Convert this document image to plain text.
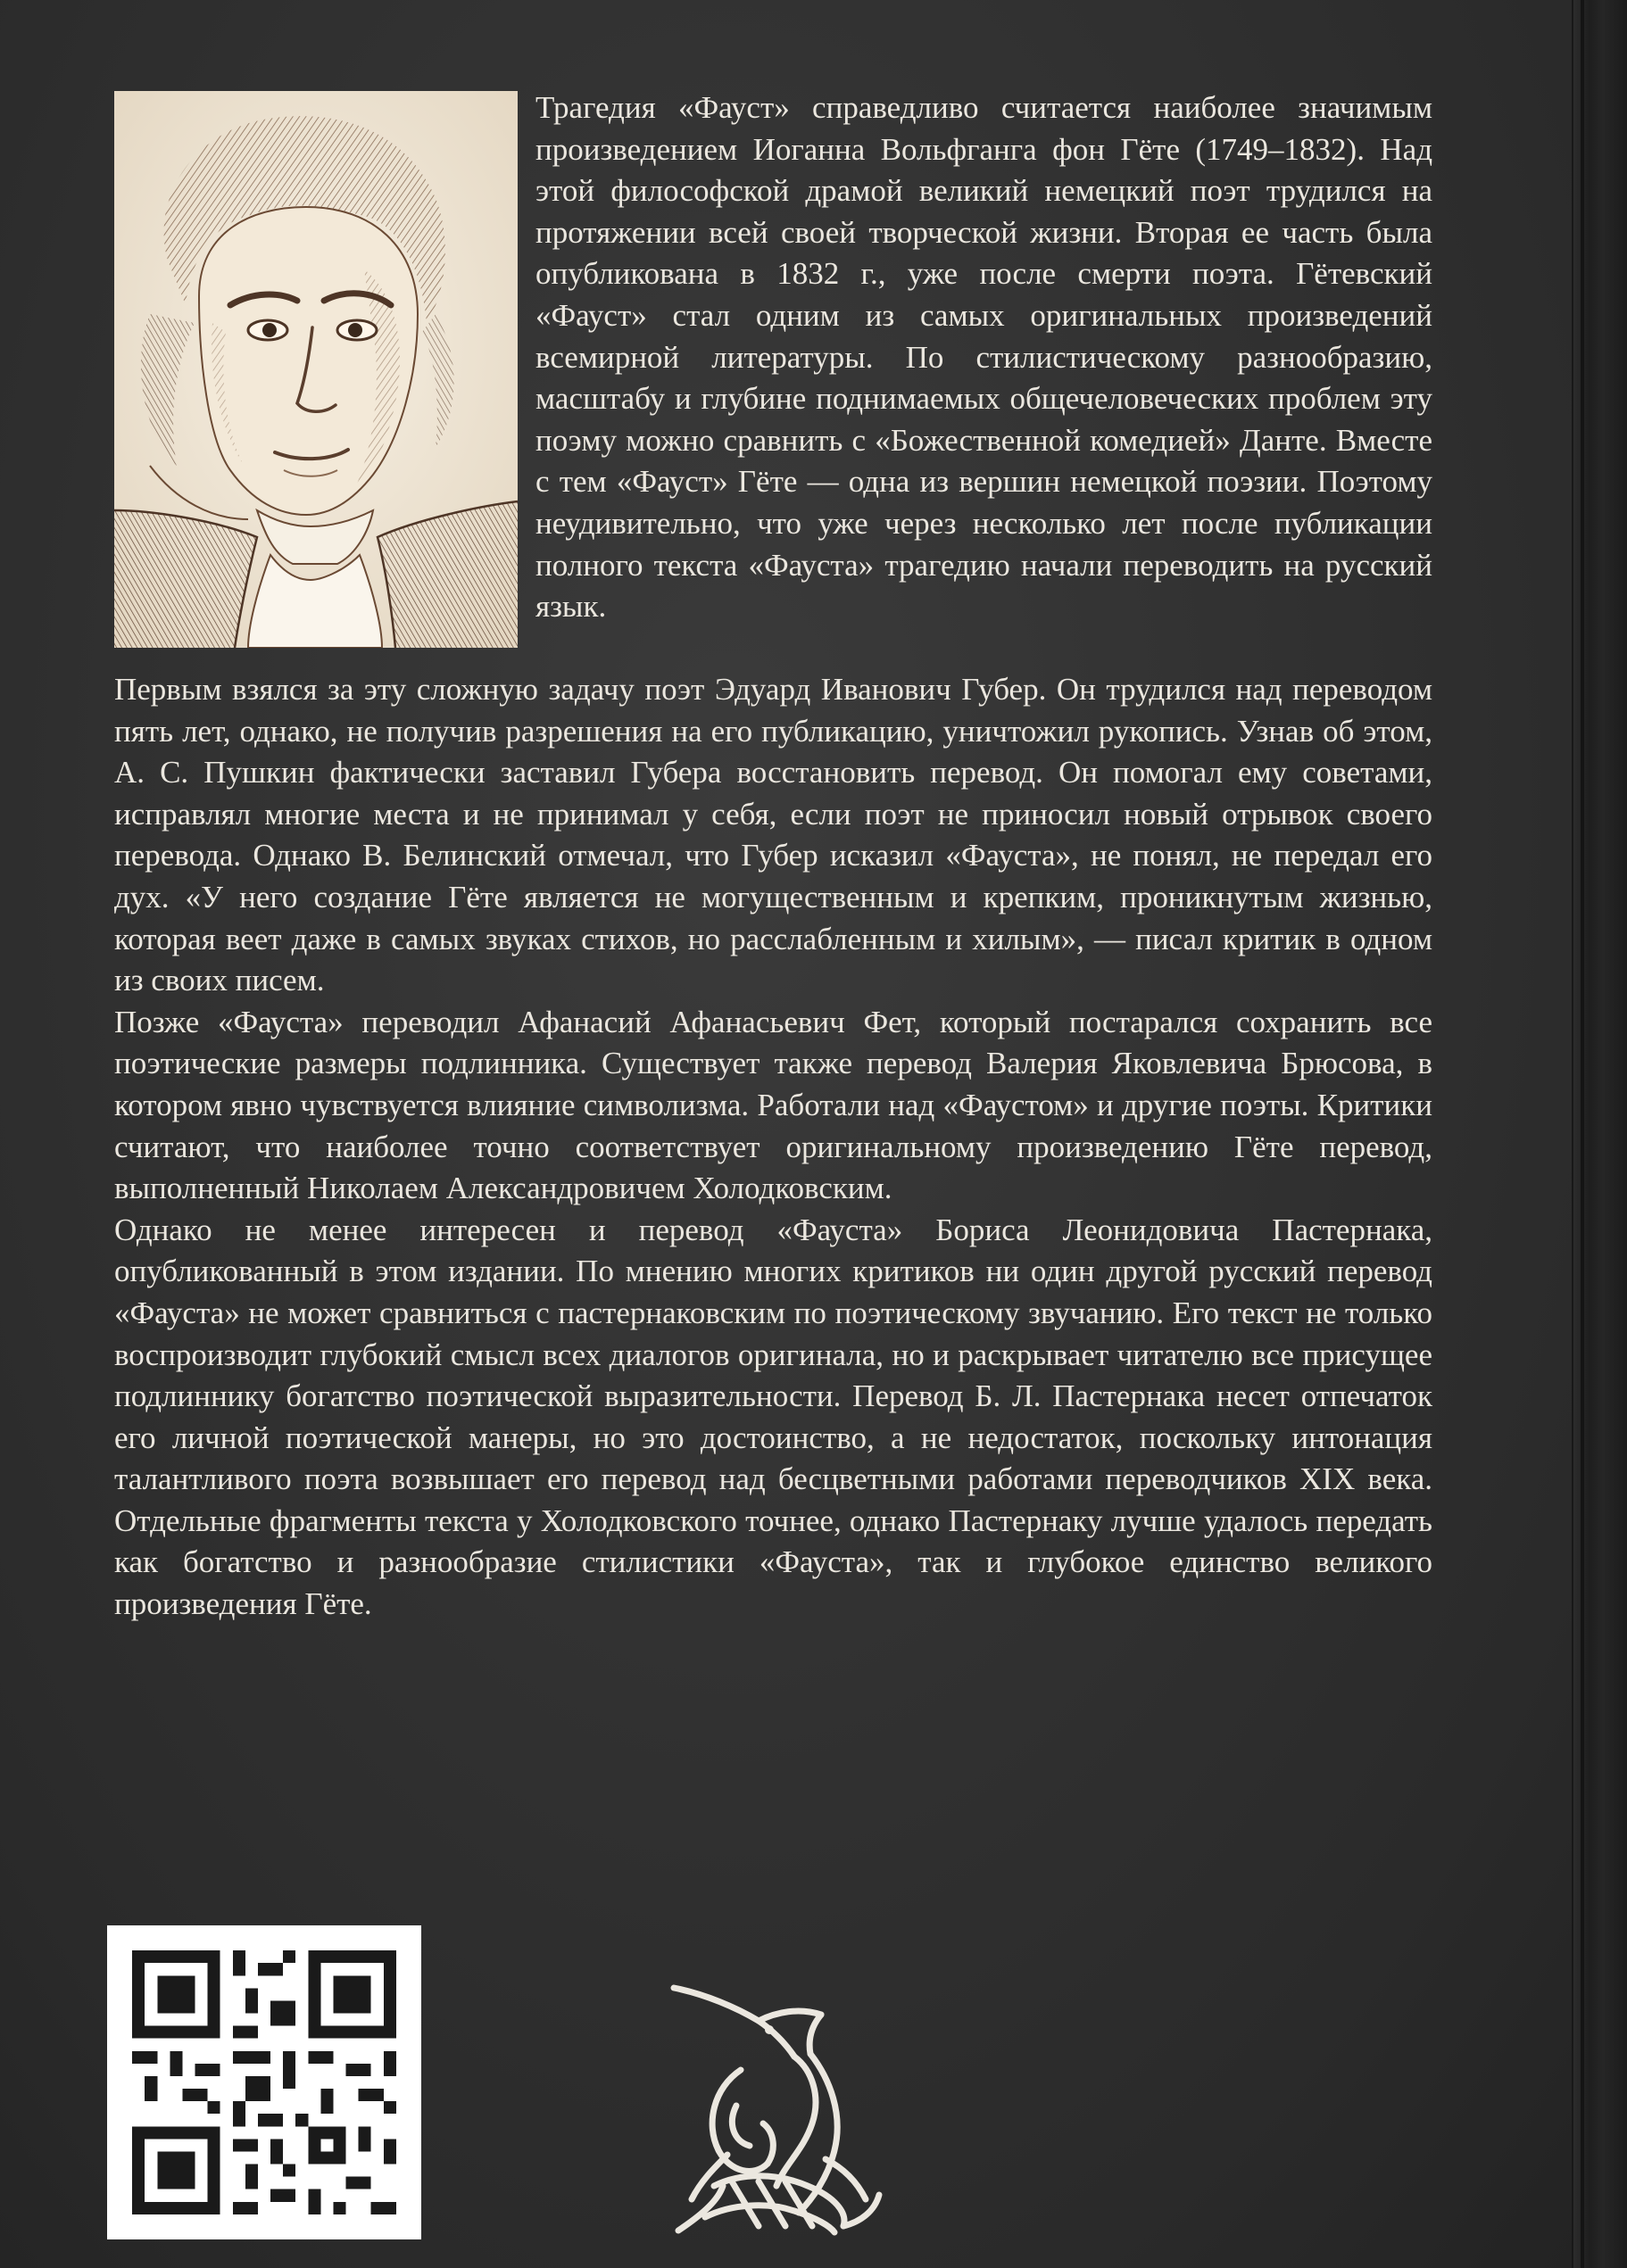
Трагедия «Фауст» справедливо считается наиболее значимым произведением Иоганна Вольфганга фон Гёте (1749–1832). Над этой философской драмой великий немецкий поэт трудился на протяжении всей своей творческой жизни. Вторая ее часть была опубликована в 1832 г., уже после смерти поэта. Гётевский «Фауст» стал одним из самых оригинальных произведений всемирной литературы. По стилистическому разнообразию, масштабу и глубине поднимаемых общечеловеческих проблем эту поэму можно сравнить с «Божественной комедией» Данте. Вместе с тем «Фауст» Гёте — одна из вершин немецкой поэзии. Поэтому неудивительно, что уже через несколько лет после публикации полного текста «Фауста» трагедию начали переводить на русский язык.

Первым взялся за эту сложную задачу поэт Эдуард Иванович Губер. Он трудился над переводом пять лет, однако, не получив разрешения на его публикацию, уничтожил рукопись. Узнав об этом, А. С. Пушкин фактически заставил Губера восстановить перевод. Он помогал ему советами, исправлял многие места и не принимал у себя, если поэт не приносил новый отрывок своего перевода. Однако В. Белинский отмечал, что Губер исказил «Фауста», не понял, не передал его дух. «У него создание Гёте является не могущественным и крепким, проникнутым жизнью, которая веет даже в самых звуках стихов, но расслабленным и хилым», — писал критик в одном из своих писем.

Позже «Фауста» переводил Афанасий Афанасьевич Фет, который постарался сохранить все поэтические размеры подлинника. Существует также перевод Валерия Яковлевича Брюсова, в котором явно чувствуется влияние символизма. Работали над «Фаустом» и другие поэты. Критики считают, что наиболее точно соответствует оригинальному произведению Гёте перевод, выполненный Николаем Александровичем Холодковским.

Однако не менее интересен и перевод «Фауста» Бориса Леонидовича Пастернака, опубликованный в этом издании. По мнению многих критиков ни один другой русский перевод «Фауста» не может сравниться с пастернаковским по поэтическому звучанию. Его текст не только воспроизводит глубокий смысл всех диалогов оригинала, но и раскрывает читателю все присущее подлиннику богатство поэтической выразительности. Перевод Б. Л. Пастернака несет отпечаток его личной поэтической манеры, но это достоинство, а не недостаток, поскольку интонация талантливого поэта возвышает его перевод над бесцветными работами переводчиков XIX века. Отдельные фрагменты текста у Холодковского точнее, однако Пастернаку лучше удалось передать как богатство и разнообразие стилистики «Фауста», так и глубокое единство великого произведения Гёте.
